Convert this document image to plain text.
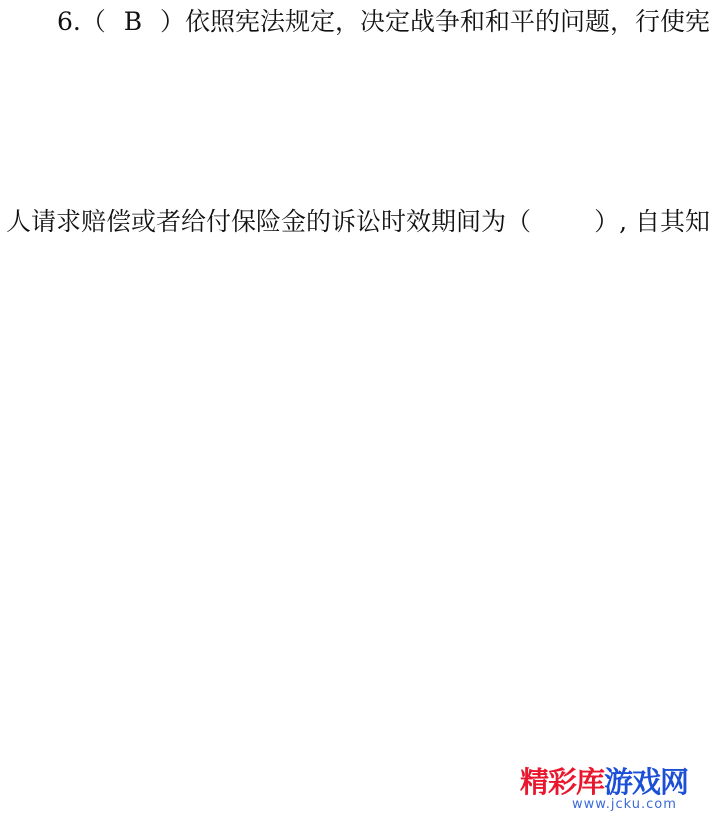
6.（ B ）依照宪法规定，决定战争和和平的问题，行使宪

人请求赔偿或者给付保险金的诉讼时效期间为（	）, 自其知

精彩库游戏网
www.jcku.com
